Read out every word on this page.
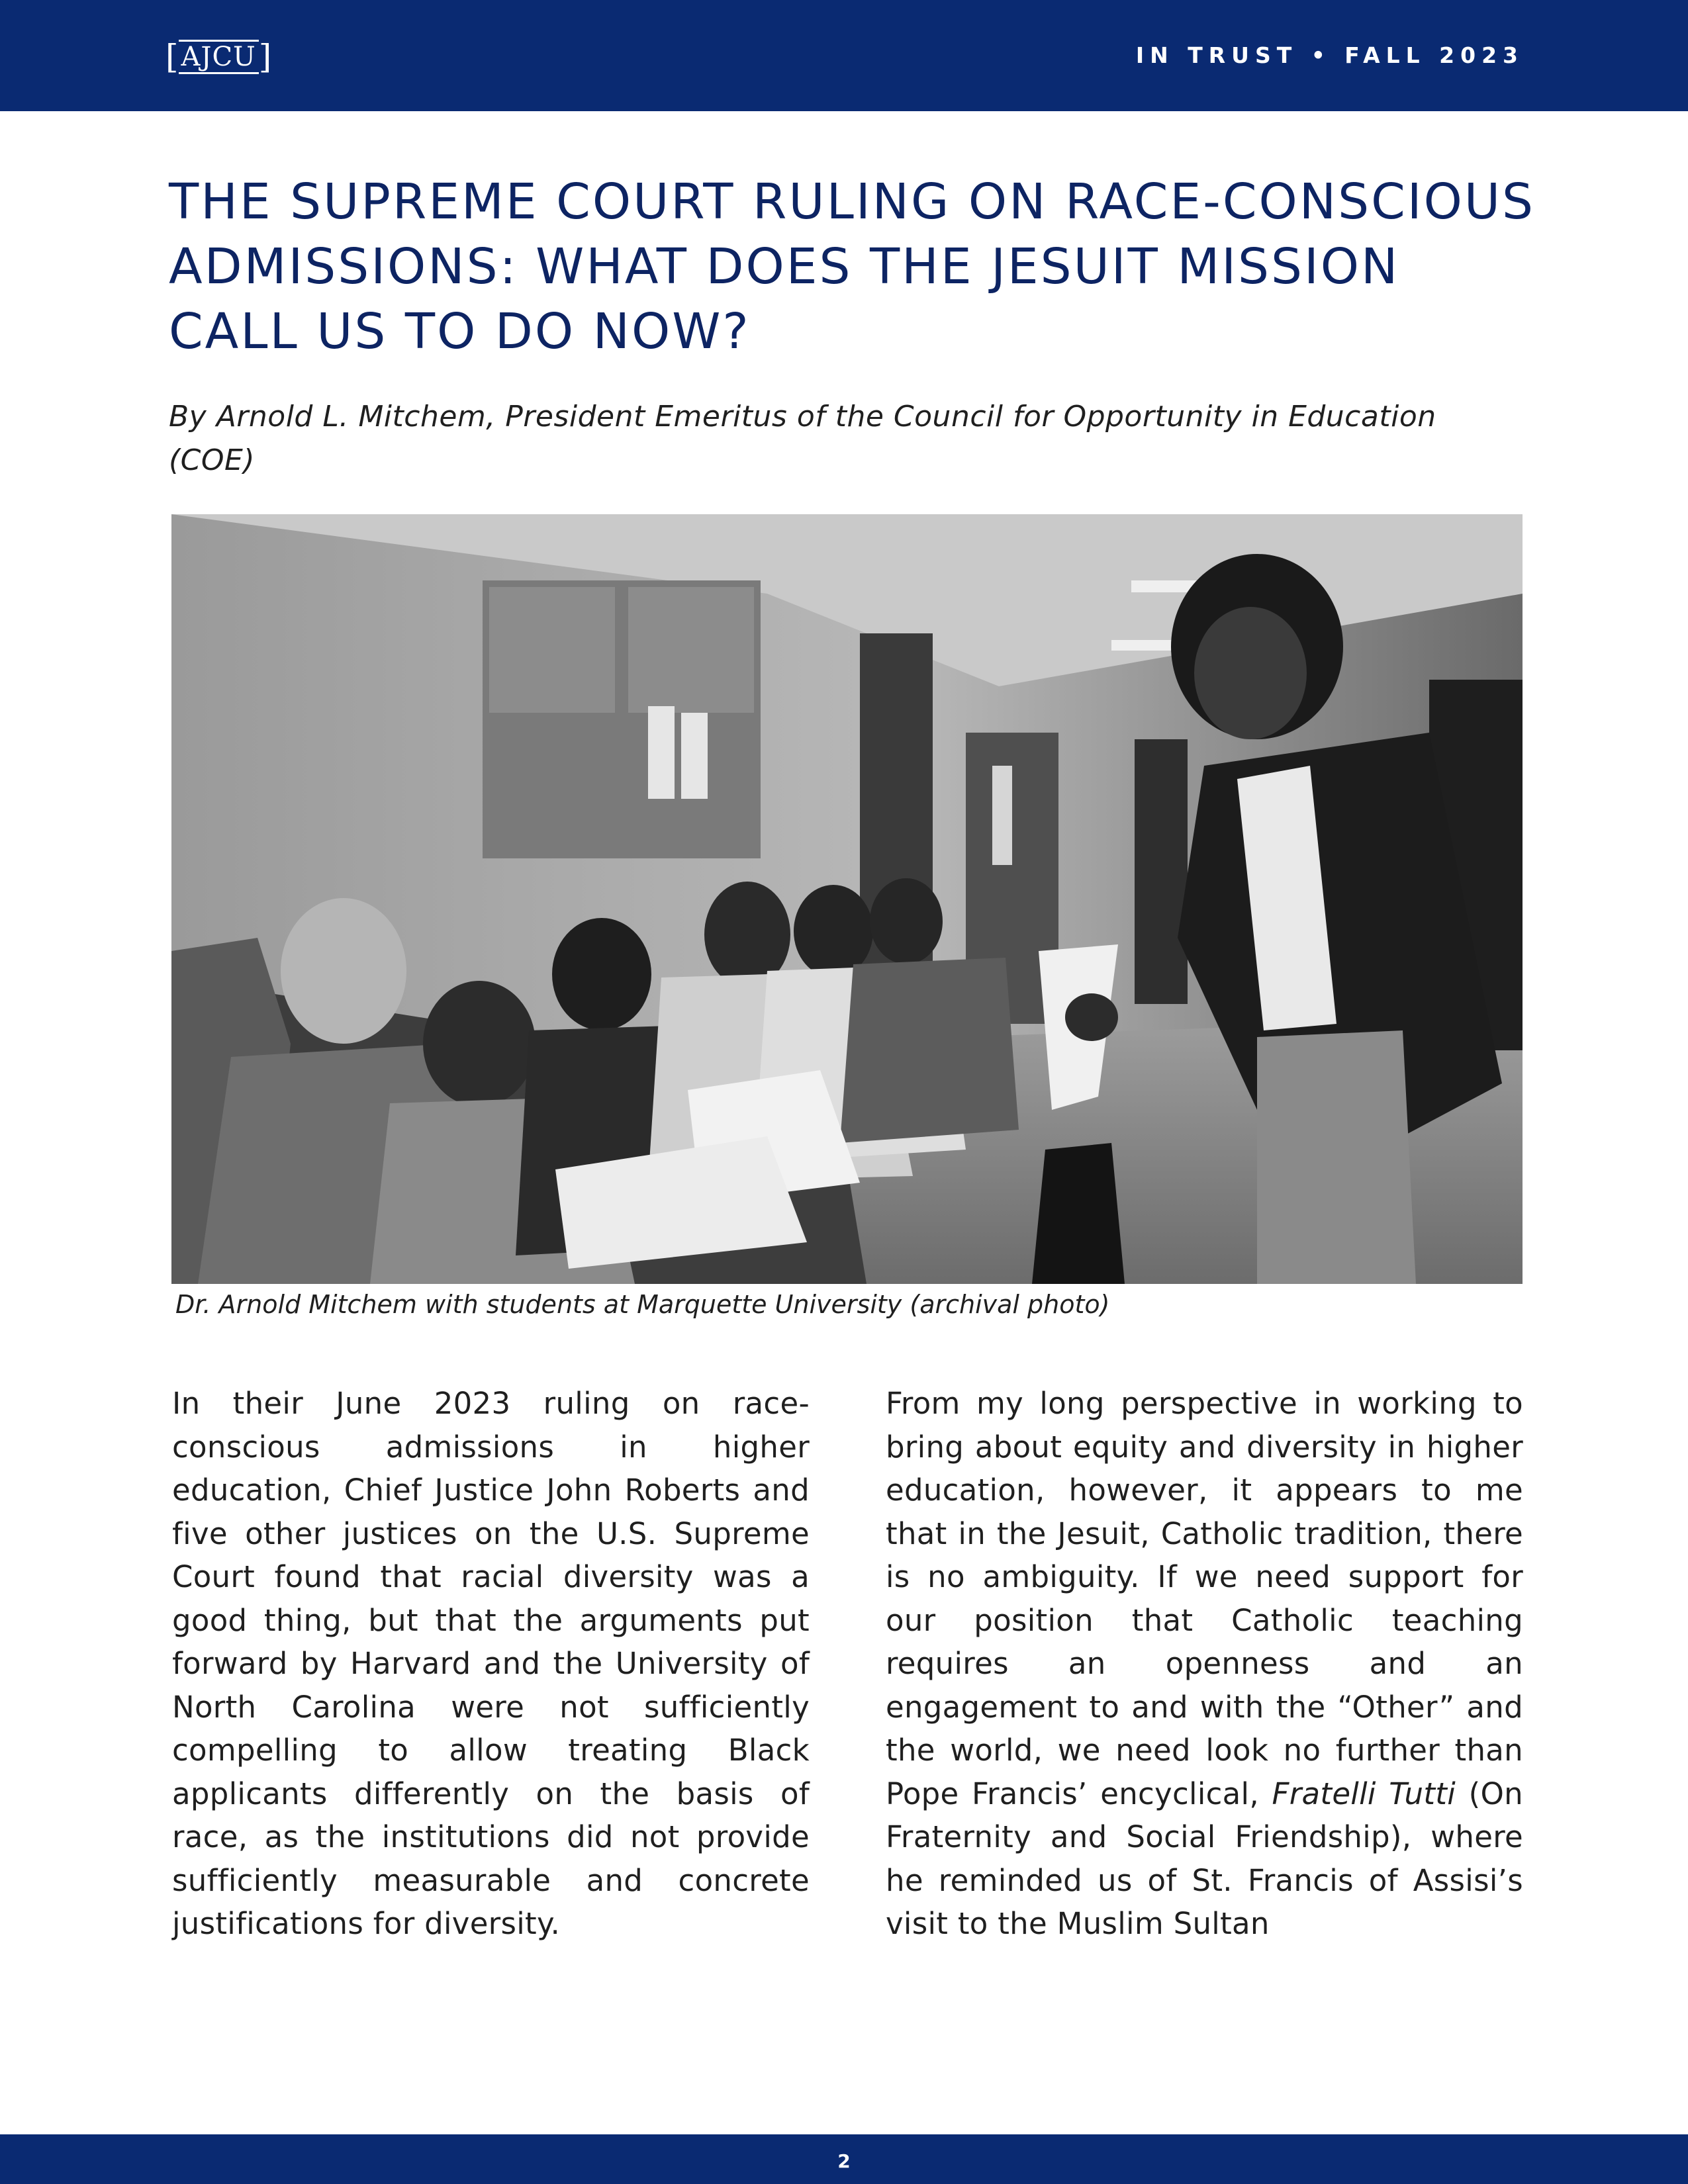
[ AJCU ]	IN TRUST • FALL 2023
THE SUPREME COURT RULING ON RACE-CONSCIOUS ADMISSIONS: WHAT DOES THE JESUIT MISSION CALL US TO DO NOW?

By Arnold L. Mitchem, President Emeritus of the Council for Opportunity in Education (COE)

Dr. Arnold Mitchem with students at Marquette University (archival photo)

In their June 2023 ruling on race-conscious admissions in higher education, Chief Justice John Roberts and five other justices on the U.S. Supreme Court found that racial diversity was a good thing, but that the arguments put forward by Harvard and the University of North Carolina were not sufficiently compelling to allow treating Black applicants differently on the basis of race, as the institutions did not provide sufficiently measurable and concrete justifications for diversity.

From my long perspective in working to bring about equity and diversity in higher education, however, it appears to me that in the Jesuit, Catholic tradition, there is no ambiguity. If we need support for our position that Catholic teaching requires an openness and an engagement to and with the “Other” and the world, we need look no further than Pope Francis’ encyclical, Fratelli Tutti (On Fraternity and Social Friendship), where he reminded us of St. Francis of Assisi’s visit to the Muslim Sultan

2
